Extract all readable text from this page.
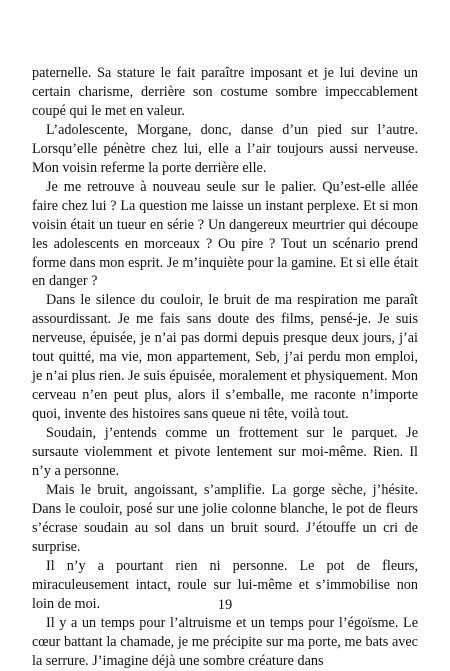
paternelle. Sa stature le fait paraître imposant et je lui devine un certain charisme, derrière son costume sombre impeccablement coupé qui le met en valeur.

L’adolescente, Morgane, donc, danse d’un pied sur l’autre. Lorsqu’elle pénètre chez lui, elle a l’air toujours aussi nerveuse. Mon voisin referme la porte derrière elle.

Je me retrouve à nouveau seule sur le palier. Qu’est-elle allée faire chez lui ? La question me laisse un instant perplexe. Et si mon voisin était un tueur en série ? Un dangereux meurtrier qui découpe les adolescents en morceaux ? Ou pire ? Tout un scénario prend forme dans mon esprit. Je m’inquiète pour la gamine. Et si elle était en danger ?

Dans le silence du couloir, le bruit de ma respiration me paraît assourdissant. Je me fais sans doute des films, pensé-je. Je suis nerveuse, épuisée, je n’ai pas dormi depuis presque deux jours, j’ai tout quitté, ma vie, mon appartement, Seb, j’ai perdu mon emploi, je n’ai plus rien. Je suis épuisée, moralement et physiquement. Mon cerveau n’en peut plus, alors il s’emballe, me raconte n’importe quoi, invente des histoires sans queue ni tête, voilà tout.

Soudain, j’entends comme un frottement sur le parquet. Je sursaute violemment et pivote lentement sur moi-même. Rien. Il n’y a personne.

Mais le bruit, angoissant, s’amplifie. La gorge sèche, j’hésite. Dans le couloir, posé sur une jolie colonne blanche, le pot de fleurs s’écrase soudain au sol dans un bruit sourd. J’étouffe un cri de surprise.

Il n’y a pourtant rien ni personne. Le pot de fleurs, miraculeusement intact, roule sur lui-même et s’immobilise non loin de moi.

Il y a un temps pour l’altruisme et un temps pour l’égoïsme. Le cœur battant la chamade, je me précipite sur ma porte, me bats avec la serrure. J’imagine déjà une sombre créature dans

19
